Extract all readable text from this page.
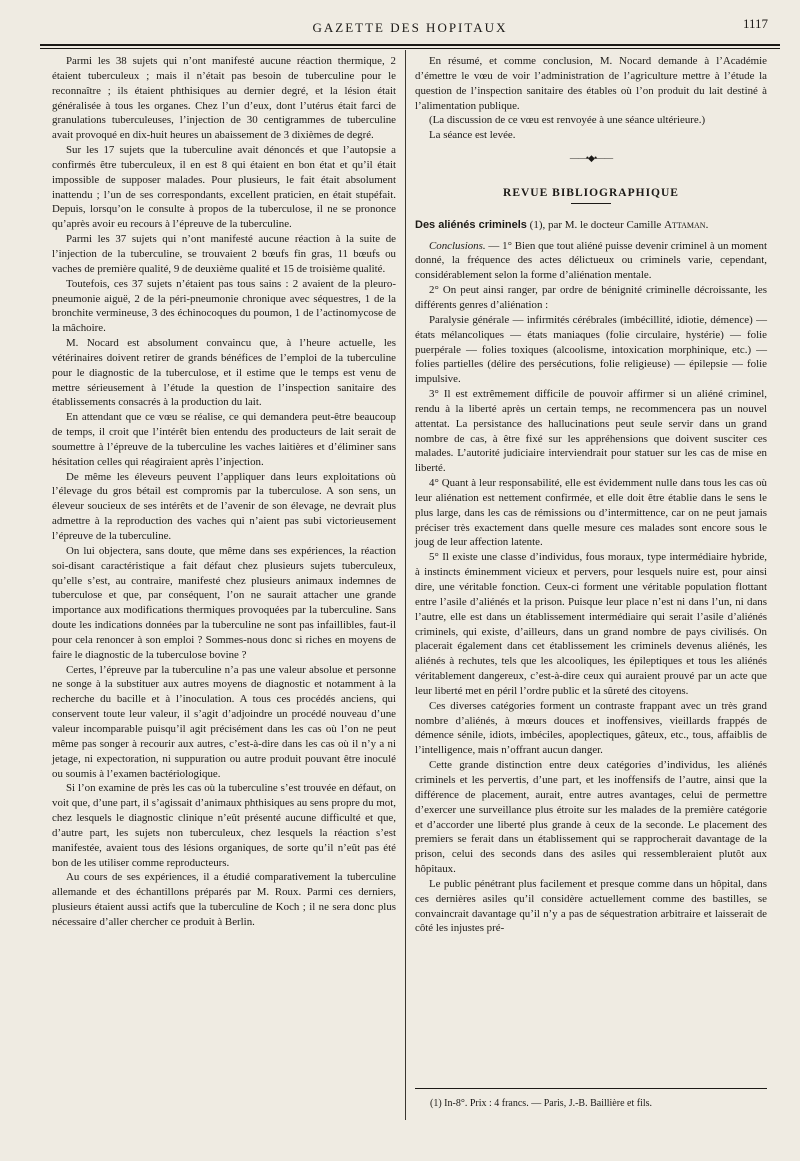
GAZETTE DES HOPITAUX	1117

Parmi les 38 sujets qui n’ont manifesté aucune réaction thermique, 2 étaient tuberculeux ; mais il n’était pas besoin de tuberculine pour le reconnaître ; ils étaient phthisiques au dernier degré, et la lésion était généralisée à tous les organes. Chez l’un d’eux, dont l’utérus était farci de granulations tuberculeuses, l’injection de 30 centigrammes de tuberculine avait provoqué en dix-huit heures un abaissement de 3 dixièmes de degré.

Sur les 17 sujets que la tuberculine avait dénoncés et que l’autopsie a confirmés être tuberculeux, il en est 8 qui étaient en bon état et qu’il était impossible de supposer malades. Pour plusieurs, le fait était absolument inattendu ; l’un de ses correspondants, excellent praticien, en était stupéfait. Depuis, lorsqu’on le consulte à propos de la tuberculose, il ne se prononce qu’après avoir eu recours à l’épreuve de la tuberculine.

Parmi les 37 sujets qui n’ont manifesté aucune réaction à la suite de l’injection de la tuberculine, se trouvaient 2 bœufs fin gras, 11 bœufs ou vaches de première qualité, 9 de deuxième qualité et 15 de troisième qualité.

Toutefois, ces 37 sujets n’étaient pas tous sains : 2 avaient de la pleuro-pneumonie aiguë, 2 de la péri-pneumonie chronique avec séquestres, 1 de la bronchite vermineuse, 3 des échinocoques du poumon, 1 de l’actinomycose de la mâchoire.

M. Nocard est absolument convaincu que, à l’heure actuelle, les vétérinaires doivent retirer de grands bénéfices de l’emploi de la tuberculine pour le diagnostic de la tuberculose, et il estime que le temps est venu de mettre sérieusement à l’étude la question de l’inspection sanitaire des établissements consacrés à la production du lait.

En attendant que ce vœu se réalise, ce qui demandera peut-être beaucoup de temps, il croit que l’intérêt bien entendu des producteurs de lait serait de soumettre à l’épreuve de la tuberculine les vaches laitières et d’éliminer sans hésitation celles qui réagiraient après l’injection.

De même les éleveurs peuvent l’appliquer dans leurs exploitations où l’élevage du gros bétail est compromis par la tuberculose. A son sens, un éleveur soucieux de ses intérêts et de l’avenir de son élevage, ne devrait plus admettre à la reproduction des vaches qui n’aient pas subi victorieusement l’épreuve de la tuberculine.

On lui objectera, sans doute, que même dans ses expériences, la réaction soi-disant caractéristique a fait défaut chez plusieurs sujets tuberculeux, qu’elle s’est, au contraire, manifesté chez plusieurs animaux indemnes de tuberculose et que, par conséquent, l’on ne saurait attacher une grande importance aux modifications thermiques provoquées par la tuberculine. Sans doute les indications données par la tuberculine ne sont pas infaillibles, faut-il pour cela renoncer à son emploi ? Sommes-nous donc si riches en moyens de faire le diagnostic de la tuberculose bovine ?

Certes, l’épreuve par la tuberculine n’a pas une valeur absolue et personne ne songe à la substituer aux autres moyens de diagnostic et notamment à la recherche du bacille et à l’inoculation. A tous ces procédés anciens, qui conservent toute leur valeur, il s’agit d’adjoindre un procédé nouveau d’une valeur incomparable puisqu’il agit précisément dans les cas où l’on ne peut même pas songer à recourir aux autres, c’est-à-dire dans les cas où il n’y a ni jetage, ni expectoration, ni suppuration ou autre produit pouvant être inoculé ou soumis à l’examen bactériologique.

Si l’on examine de près les cas où la tuberculine s’est trouvée en défaut, on voit que, d’une part, il s’agissait d’animaux phthisiques au sens propre du mot, chez lesquels le diagnostic clinique n’eût présenté aucune difficulté et que, d’autre part, les sujets non tuberculeux, chez lesquels la réaction s’est manifestée, avaient tous des lésions organiques, de sorte qu’il n’eût pas été bon de les utiliser comme reproducteurs.

Au cours de ses expériences, il a étudié comparativement la tuberculine allemande et des échantillons préparés par M. Roux. Parmi ces derniers, plusieurs étaient aussi actifs que la tuberculine de Koch ; il ne sera donc plus nécessaire d’aller chercher ce produit à Berlin.

En résumé, et comme conclusion, M. Nocard demande à l’Académie d’émettre le vœu de voir l’administration de l’agriculture mettre à l’étude la question de l’inspection sanitaire des étables où l’on produit du lait destiné à l’alimentation publique.

(La discussion de ce vœu est renvoyée à une séance ultérieure.)

La séance est levée.

——•◆•——
REVUE BIBLIOGRAPHIQUE

Des aliénés criminels (1), par M. le docteur Camille Attaman.

Conclusions. — 1° Bien que tout aliéné puisse devenir criminel à un moment donné, la fréquence des actes délictueux ou criminels varie, cependant, considérablement selon la forme d’aliénation mentale.

2° On peut ainsi ranger, par ordre de bénignité criminelle décroissante, les différents genres d’aliénation :

Paralysie générale — infirmités cérébrales (imbécillité, idiotie, démence) — états mélancoliques — états maniaques (folie circulaire, hystérie) — folie puerpérale — folies toxiques (alcoolisme, intoxication morphinique, etc.) — folies partielles (délire des persécutions, folie religieuse) — épilepsie — folie impulsive.

3° Il est extrêmement difficile de pouvoir affirmer si un aliéné criminel, rendu à la liberté après un certain temps, ne recommencera pas un nouvel attentat. La persistance des hallucinations peut seule servir dans un grand nombre de cas, à être fixé sur les appréhensions que doivent susciter ces malades. L’autorité judiciaire interviendrait pour statuer sur les cas de mise en liberté.

4° Quant à leur responsabilité, elle est évidemment nulle dans tous les cas où leur aliénation est nettement confirmée, et elle doit être établie dans le sens le plus large, dans les cas de rémissions ou d’intermittence, car on ne peut jamais préciser très exactement dans quelle mesure ces malades sont encore sous le joug de leur affection latente.

5° Il existe une classe d’individus, fous moraux, type intermédiaire hybride, à instincts éminemment vicieux et pervers, pour lesquels nuire est, pour ainsi dire, une véritable fonction. Ceux-ci forment une véritable population flottant entre l’asile d’aliénés et la prison. Puisque leur place n’est ni dans l’un, ni dans l’autre, elle est dans un établissement intermédiaire qui serait l’asile d’aliénés criminels, qui existe, d’ailleurs, dans un grand nombre de pays civilisés. On placerait également dans cet établissement les criminels devenus aliénés, les aliénés à rechutes, tels que les alcooliques, les épileptiques et tous les aliénés véritablement dangereux, c’est-à-dire ceux qui auraient prouvé par un acte que leur liberté met en péril l’ordre public et la sûreté des citoyens.

Ces diverses catégories forment un contraste frappant avec un très grand nombre d’aliénés, à mœurs douces et inoffensives, vieillards frappés de démence sénile, idiots, imbéciles, apoplectiques, gâteux, etc., tous, affaiblis de l’intelligence, mais n’offrant aucun danger.

Cette grande distinction entre deux catégories d’individus, les aliénés criminels et les pervertis, d’une part, et les inoffensifs de l’autre, ainsi que la différence de placement, aurait, entre autres avantages, celui de permettre d’exercer une surveillance plus étroite sur les malades de la première catégorie et d’accorder une liberté plus grande à ceux de la seconde. Le placement des premiers se ferait dans un établissement qui se rapprocherait davantage de la prison, celui des seconds dans des asiles qui ressembleraient plutôt aux hôpitaux.

Le public pénétrant plus facilement et presque comme dans un hôpital, dans ces dernières asiles qu’il considère actuellement comme des bastilles, se convaincrait davantage qu’il n’y a pas de séquestration arbitraire et laisserait de côté les injustes pré-

(1) In-8°. Prix : 4 francs. — Paris, J.-B. Baillière et fils.
